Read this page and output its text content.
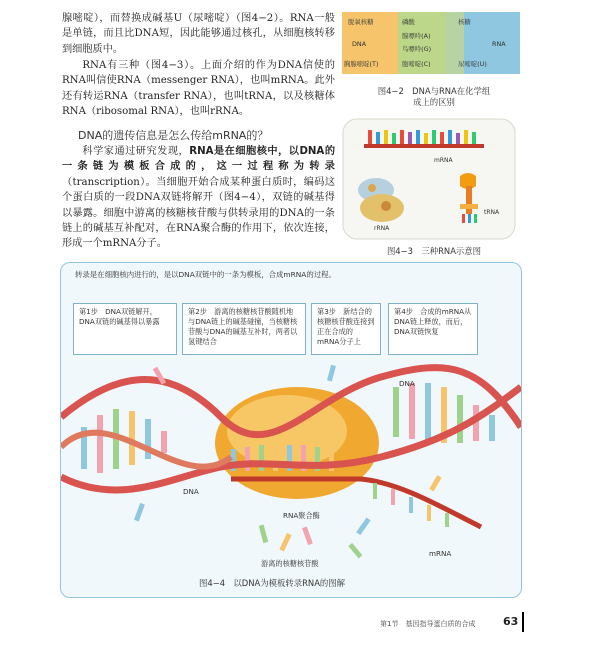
腺嘧啶），而替换成碱基U（尿嘧啶）（图4−2）。RNA一般是单链，而且比DNA短，因此能够通过核孔，从细胞核转移到细胞质中。

RNA有三种（图4−3）。上面介绍的作为DNA信使的RNA叫信使RNA（messenger RNA），也叫mRNA。此外还有转运RNA（transfer RNA），也叫tRNA，以及核糖体RNA（ribosomal RNA），也叫rRNA。

DNA的遗传信息是怎么传给mRNA的？

科学家通过研究发现，RNA是在细胞核中，以DNA的一条链为模板合成的，这一过程称为转录（transcription）。当细胞开始合成某种蛋白质时，编码这个蛋白质的一段DNA双链将解开（图4−4），双链的碱基得以暴露。细胞中游离的核糖核苷酸与供转录用的DNA的一条链上的碱基互补配对，在RNA聚合酶的作用下，依次连接，形成一个mRNA分子。

脱氧核糖	磷酸	核糖
腺嘌呤(A)
DNA	RNA
鸟嘌呤(G)
胸腺嘧啶(T)	胞嘧啶(C)	尿嘧啶(U)
图4−2　DNA与RNA在化学组
成上的区别
mRNA
rRNA
tRNA
图4−3　三种RNA示意图
转录是在细胞核内进行的，是以DNA双链中的一条为模板，合成mRNA的过程。
第1步　DNA双链解开，DNA双链的碱基得以暴露
第2步　游离的核糖核苷酸随机地与DNA链上的碱基碰撞，当核糖核苷酸与DNA的碱基互补时，两者以氢键结合
第3步　新结合的核糖核苷酸连接到正在合成的mRNA分子上
第4步　合成的mRNA从DNA链上释放，而后，DNA双链恢复
DNA
DNA
RNA聚合酶
游离的核糖核苷酸
mRNA
图4−4　以DNA为模板转录RNA的图解
第1节　基因指导蛋白质的合成	63
